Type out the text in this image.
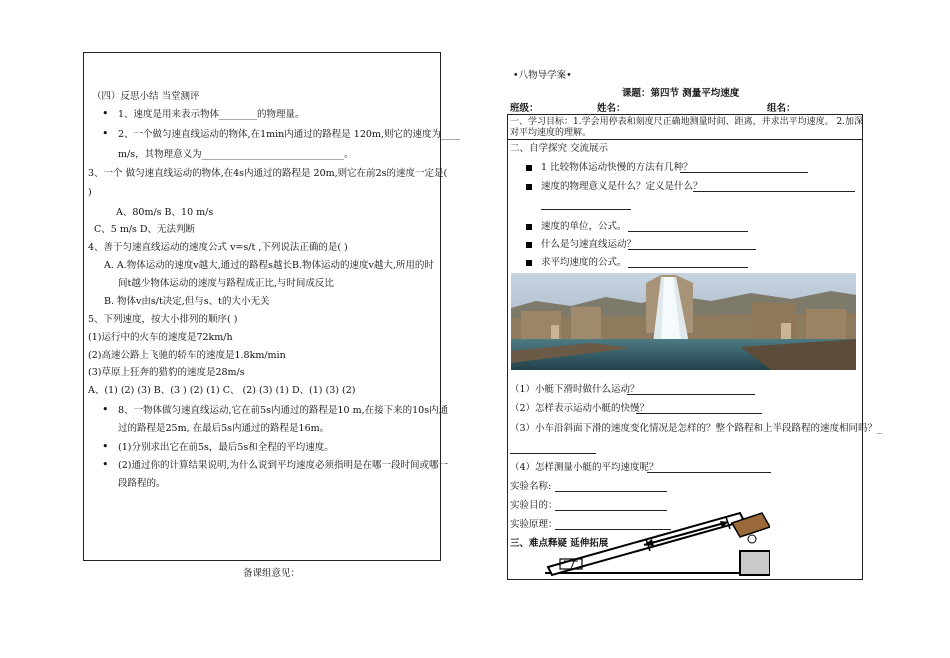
（四）反思小结 当堂测评
• 1、速度是用来表示物体________的物理量。
• 2、一个做匀速直线运动的物体,在1min内通过的路程是 120m,则它的速度为____
m/s，其物理意义为______________________________。
3、一个 做匀速直线运动的物体,在4s内通过的路程是 20m,则它在前2s的速度一定是(
)
A、80m/s B、10 m/s
C、5 m/s D、无法判断
4、善于匀速直线运动的速度公式 v=s/t ,下列说法正确的是( )
A. A.物体运动的速度v越大,通过的路程s越长B.物体运动的速度v越大,所用的时
间t越少物体运动的速度与路程成正比,与时间成反比
B. 物体v由s/t决定,但与s、t的大小无关
5、下列速度，按大小排列的顺序( )
(1)运行中的火车的速度是72km/h
(2)高速公路上飞驰的轿车的速度是1.8km/min
(3)草原上狂奔的猎豹的速度是28m/s
A、(1) (2) (3) B、(3 ) (2) (1) C、 (2) (3) (1) D、(1) (3) (2)
• 8、一物体做匀速直线运动,它在前5s内通过的路程是10 m,在接下来的10s内通
过的路程是25m, 在最后5s内通过的路程是16m。
• (1)分别求出它在前5s，最后5s和全程的平均速度。
• (2)通过你的计算结果说明,为什么说到平均速度必须指明是在哪一段时间或哪一
段路程的。
备课组意见：
•八物导学案•
课题：第四节 测量平均速度
班级：	姓名：	组名：
一、学习目标：1.学会用停表和刻度尺正确地测量时间、距离，并求出平均速度。 2.加深
对平均速度的理解。
二、自学探究 交流展示
1 比较物体运动快慢的方法有几种？
速度的物理意义是什么？定义是什么？
速度的单位，公式。
什么是匀速直线运动？
求平均速度的公式。
（1）小艇下滑时做什么运动？
（2）怎样表示运动小艇的快慢？
（3）小车沿斜面下滑的速度变化情况是怎样的？整个路程和上半段路程的速度相同吗？_
（4）怎样测量小艇的平均速度呢？
实验名称:
实验目的：
实验原理：
三、难点释疑 延伸拓展
